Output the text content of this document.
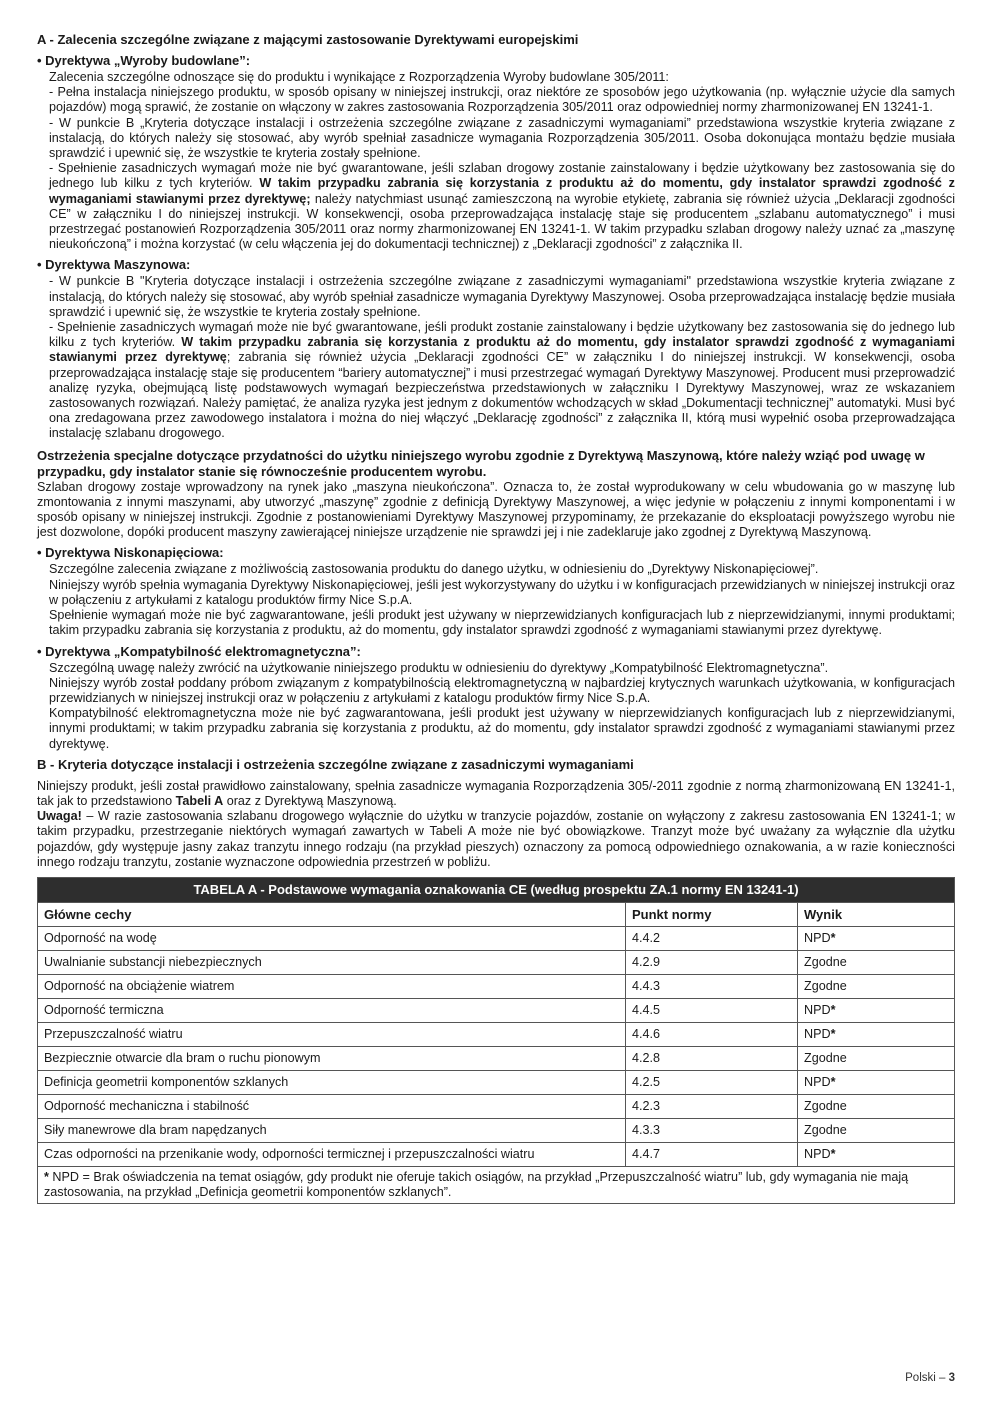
A - Zalecenia szczególne związane z mającymi zastosowanie Dyrektywami europejskimi
• Dyrektywa „Wyroby budowlane”:

Zalecenia szczególne odnoszące się do produktu i wynikające z Rozporządzenia Wyroby budowlane 305/2011:

- Pełna instalacja niniejszego produktu, w sposób opisany w niniejszej instrukcji, oraz niektóre ze sposobów jego użytkowania (np. wyłącznie użycie dla samych pojazdów) mogą sprawić, że zostanie on włączony w zakres zastosowania Rozporządzenia 305/2011 oraz odpowiedniej normy zharmonizowanej EN 13241-1.

- W punkcie B „Kryteria dotyczące instalacji i ostrzeżenia szczególne związane z zasadniczymi wymaganiami” przedstawiona wszystkie kryteria związane z instalacją, do których należy się stosować, aby wyrób spełniał zasadnicze wymagania Rozporządzenia 305/2011. Osoba dokonująca montażu będzie musiała sprawdzić i upewnić się, że wszystkie te kryteria zostały spełnione.

- Spełnienie zasadniczych wymagań może nie być gwarantowane, jeśli szlaban drogowy zostanie zainstalowany i będzie użytkowany bez zastosowania się do jednego lub kilku z tych kryteriów. W takim przypadku zabrania się korzystania z produktu aż do momentu, gdy instalator sprawdzi zgodność z wymaganiami stawianymi przez dyrektywę; należy natychmiast usunąć zamieszczoną na wyrobie etykietę, zabrania się również użycia „Deklaracji zgodności CE” w załączniku I do niniejszej instrukcji. W konsekwencji, osoba przeprowadzająca instalację staje się producentem „szlabanu automatycznego” i musi przestrzegać postanowień Rozporządzenia 305/2011 oraz normy zharmonizowanej EN 13241-1. W takim przypadku szlaban drogowy należy uznać za „maszynę nieukończoną” i można korzystać (w celu włączenia jej do dokumentacji technicznej) z „Deklaracji zgodności” z załącznika II.

• Dyrektywa Maszynowa:

- W punkcie B "Kryteria dotyczące instalacji i ostrzeżenia szczególne związane z zasadniczymi wymaganiami" przedstawiona wszystkie kryteria związane z instalacją, do których należy się stosować, aby wyrób spełniał zasadnicze wymagania Dyrektywy Maszynowej. Osoba przeprowadzająca instalację będzie musiała sprawdzić i upewnić się, że wszystkie te kryteria zostały spełnione.

- Spełnienie zasadniczych wymagań może nie być gwarantowane, jeśli produkt zostanie zainstalowany i będzie użytkowany bez zastosowania się do jednego lub kilku z tych kryteriów. W takim przypadku zabrania się korzystania z produktu aż do momentu, gdy instalator sprawdzi zgodność z wymaganiami stawianymi przez dyrektywę; zabrania się również użycia „Deklaracji zgodności CE” w załączniku I do niniejszej instrukcji. W konsekwencji, osoba przeprowadzająca instalację staje się producentem “bariery automatycznej” i musi przestrzegać wymagań Dyrektywy Maszynowej. Producent musi przeprowadzić analizę ryzyka, obejmującą listę podstawowych wymagań bezpieczeństwa przedstawionych w załączniku I Dyrektywy Maszynowej, wraz ze wskazaniem zastosowanych rozwiązań. Należy pamiętać, że analiza ryzyka jest jednym z dokumentów wchodzących w skład „Dokumentacji technicznej” automatyki. Musi być ona zredagowana przez zawodowego instalatora i można do niej włączyć „Deklarację zgodności” z załącznika II, którą musi wypełnić osoba przeprowadzająca instalację szlabanu drogowego.

Ostrzeżenia specjalne dotyczące przydatności do użytku niniejszego wyrobu zgodnie z Dyrektywą Maszynową, które należy wziąć pod uwagę w przypadku, gdy instalator stanie się równocześnie producentem wyrobu.

Szlaban drogowy zostaje wprowadzony na rynek jako „maszyna nieukończona”. Oznacza to, że został wyprodukowany w celu wbudowania go w maszynę lub zmontowania z innymi maszynami, aby utworzyć „maszynę” zgodnie z definicją Dyrektywy Maszynowej, a więc jedynie w połączeniu z innymi komponentami i w sposób opisany w niniejszej instrukcji. Zgodnie z postanowieniami Dyrektywy Maszynowej przypominamy, że przekazanie do eksploatacji powyższego wyrobu nie jest dozwolone, dopóki producent maszyny zawierającej niniejsze urządzenie nie sprawdzi jej i nie zadeklaruje jako zgodnej z Dyrektywą Maszynową.

• Dyrektywa Niskonapięciowa:

Szczególne zalecenia związane z możliwością zastosowania produktu do danego użytku, w odniesieniu do „Dyrektywy Niskonapięciowej”.

Niniejszy wyrób spełnia wymagania Dyrektywy Niskonapięciowej, jeśli jest wykorzystywany do użytku i w konfiguracjach przewidzianych w niniejszej instrukcji oraz w połączeniu z artykułami z katalogu produktów firmy Nice S.p.A.

Spełnienie wymagań może nie być zagwarantowane, jeśli produkt jest używany w nieprzewidzianych konfiguracjach lub z nieprzewidzianymi, innymi produktami; takim przypadku zabrania się korzystania z produktu, aż do momentu, gdy instalator sprawdzi zgodność z wymaganiami stawianymi przez dyrektywę.

• Dyrektywa „Kompatybilność elektromagnetyczna”:

Szczególną uwagę należy zwrócić na użytkowanie niniejszego produktu w odniesieniu do dyrektywy „Kompatybilność Elektromagnetyczna”.

Niniejszy wyrób został poddany próbom związanym z kompatybilnością elektromagnetyczną w najbardziej krytycznych warunkach użytkowania, w konfiguracjach przewidzianych w niniejszej instrukcji oraz w połączeniu z artykułami z katalogu produktów firmy Nice S.p.A.

Kompatybilność elektromagnetyczna może nie być zagwarantowana, jeśli produkt jest używany w nieprzewidzianych konfiguracjach lub z nieprzewidzianymi, innymi produktami; w takim przypadku zabrania się korzystania z produktu, aż do momentu, gdy instalator sprawdzi zgodność z wymaganiami stawianymi przez dyrektywę.

B - Kryteria dotyczące instalacji i ostrzeżenia szczególne związane z zasadniczymi wymaganiami

Niniejszy produkt, jeśli został prawidłowo zainstalowany, spełnia zasadnicze wymagania Rozporządzenia 305/-2011 zgodnie z normą zharmonizowaną EN 13241-1, tak jak to przedstawiono Tabeli A oraz z Dyrektywą Maszynową.

Uwaga! – W razie zastosowania szlabanu drogowego wyłącznie do użytku w tranzycie pojazdów, zostanie on wyłączony z zakresu zastosowania EN 13241-1; w takim przypadku, przestrzeganie niektórych wymagań zawartych w Tabeli A może nie być obowiązkowe. Tranzyt może być uważany za wyłącznie dla użytku pojazdów, gdy występuje jasny zakaz tranzytu innego rodzaju (na przykład pieszych) oznaczony za pomocą odpowiedniego oznakowania, a w razie konieczności innego rodzaju tranzytu, zostanie wyznaczone odpowiednia przestrzeń w pobliżu.

TABELA A - Podstawowe wymagania oznakowania CE (według prospektu ZA.1 normy EN 13241-1)		
Główne cechy	Punkt normy	Wynik
Odporność na wodę	4.4.2	NPD*
Uwalnianie substancji niebezpiecznych	4.2.9	Zgodne
Odporność na obciążenie wiatrem	4.4.3	Zgodne
Odporność termiczna	4.4.5	NPD*
Przepuszczalność wiatru	4.4.6	NPD*
Bezpiecznie otwarcie dla bram o ruchu pionowym	4.2.8	Zgodne
Definicja geometrii komponentów szklanych	4.2.5	NPD*
Odporność mechaniczna i stabilność	4.2.3	Zgodne
Siły manewrowe dla bram napędzanych	4.3.3	Zgodne
Czas odporności na przenikanie wody, odporności termicznej i przepuszczalności wiatru	4.4.7	NPD*
* NPD = Brak oświadczenia na temat osiągów, gdy produkt nie oferuje takich osiągów, na przykład „Przepuszczalność wiatru” lub, gdy wymagania nie mają zastosowania, na przykład „Definicja geometrii komponentów szklanych”.		
Polski – 3
